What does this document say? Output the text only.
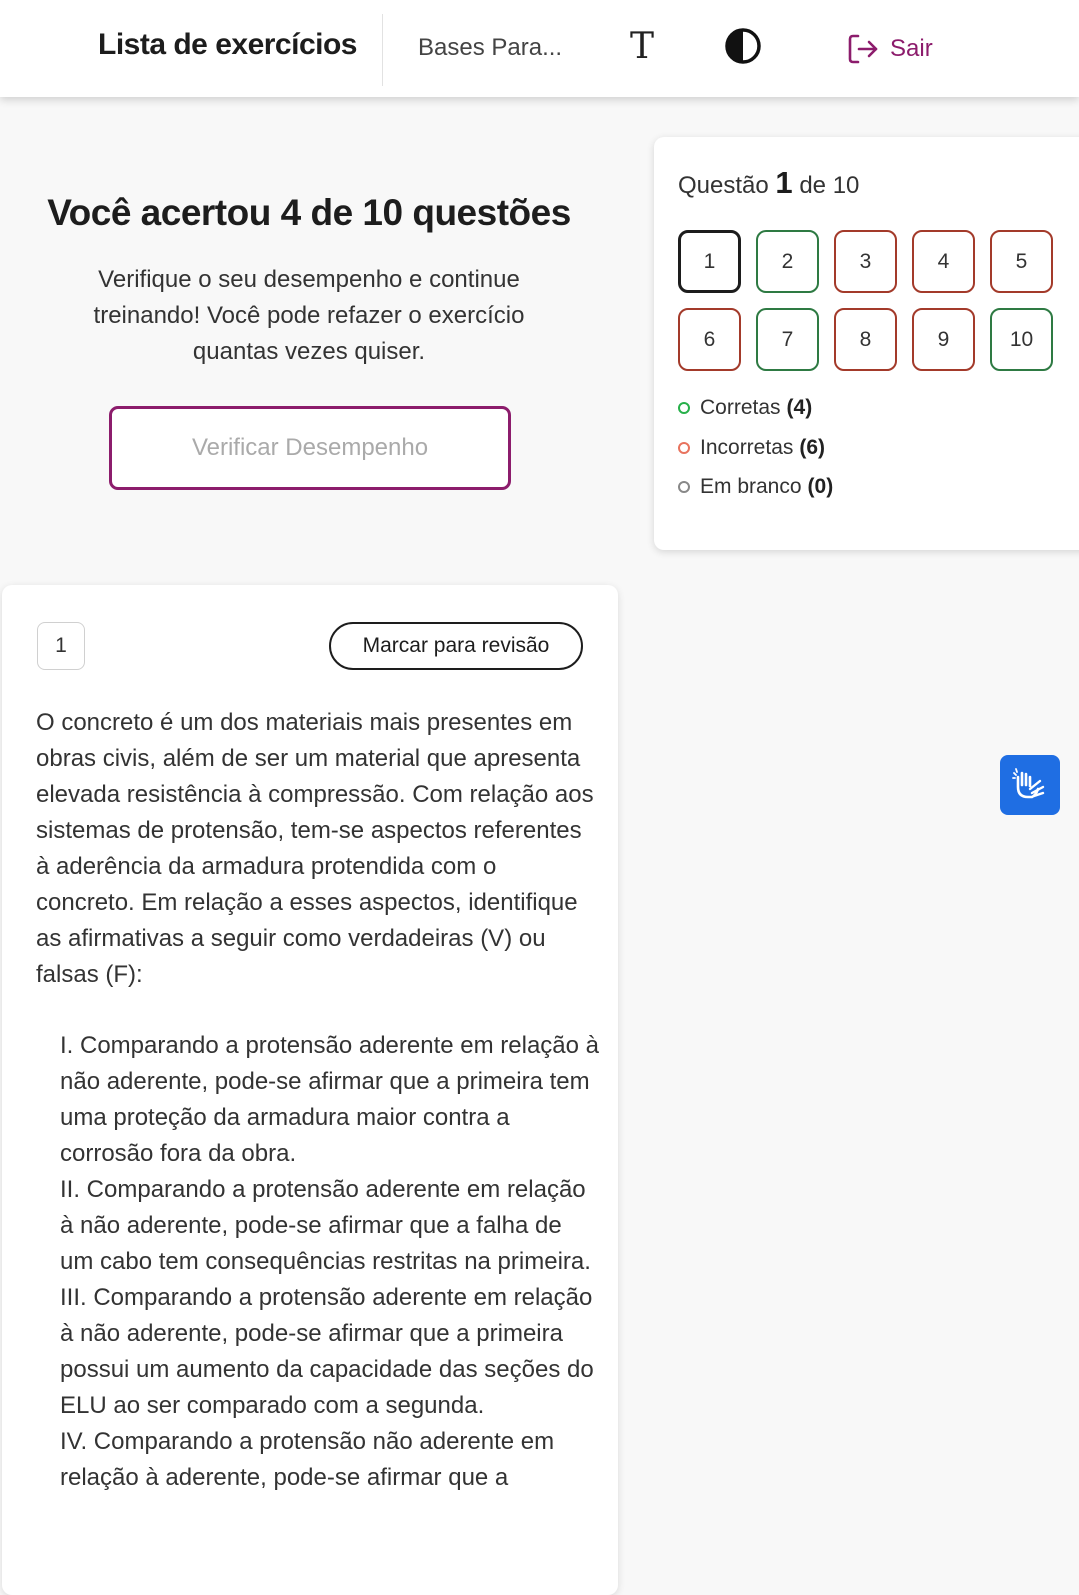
Lista de exercícios	Bases Para... T	Sair
Você acertou 4 de 10 questões
Verifique o seu desempenho e continue treinando! Você pode refazer o exercício quantas vezes quiser.
Verificar Desempenho
Questão 1 de 10
1	2	3	4	5
6	7	8	9	10
Corretas (4)
Incorretas (6)
Em branco (0)
1	Marcar para revisão
O concreto é um dos materiais mais presentes em obras civis, além de ser um material que apresenta elevada resistência à compressão. Com relação aos sistemas de protensão, tem-se aspectos referentes à aderência da armadura protendida com o concreto. Em relação a esses aspectos, identifique as afirmativas a seguir como verdadeiras (V) ou falsas (F):
I. Comparando a protensão aderente em relação à não aderente, pode-se afirmar que a primeira tem uma proteção da armadura maior contra a corrosão fora da obra.
II. Comparando a protensão aderente em relação à não aderente, pode-se afirmar que a falha de um cabo tem consequências restritas na primeira.
III. Comparando a protensão aderente em relação à não aderente, pode-se afirmar que a primeira possui um aumento da capacidade das seções do ELU ao ser comparado com a segunda.
IV. Comparando a protensão não aderente em relação à aderente, pode-se afirmar que a
